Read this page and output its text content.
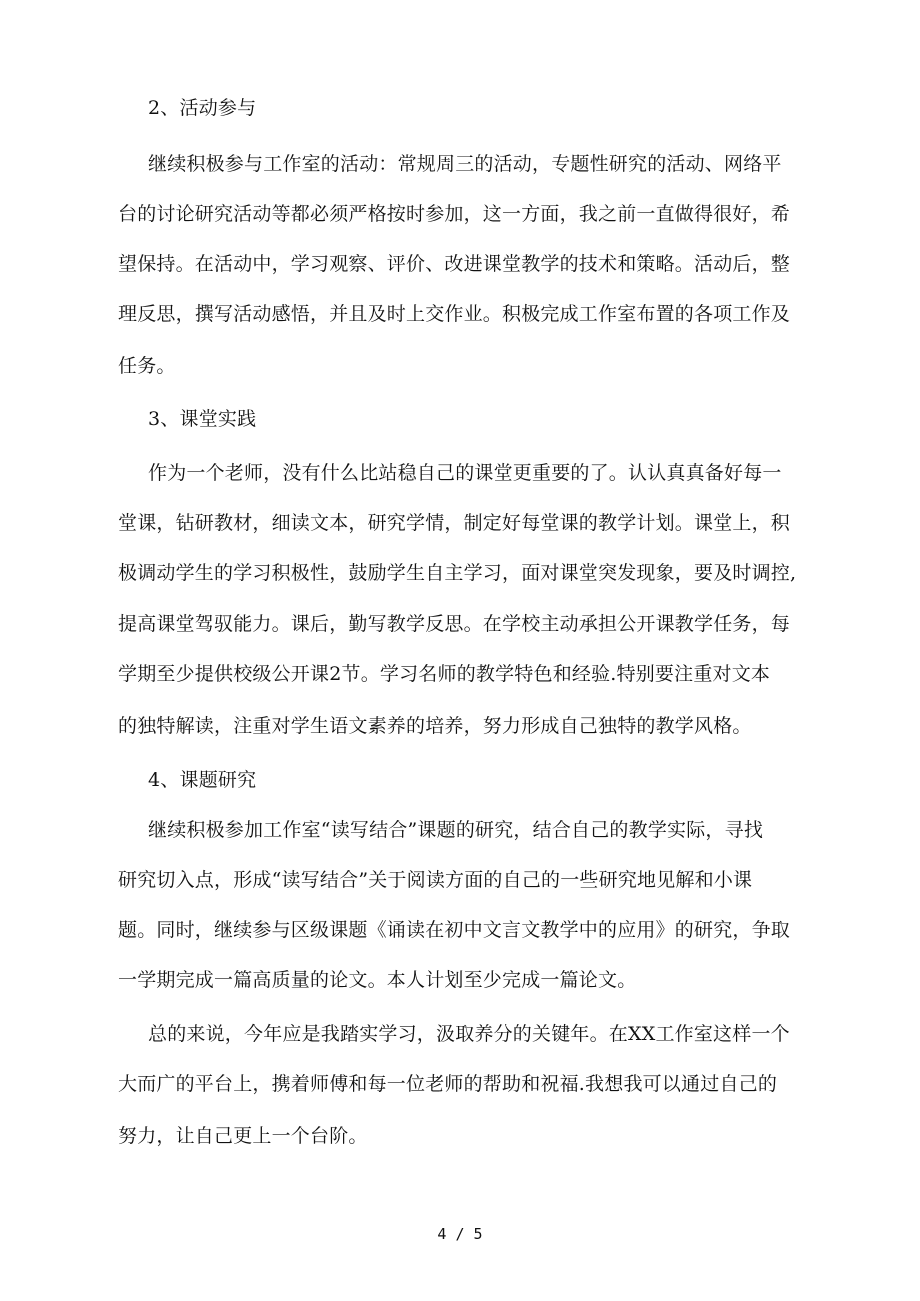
2、活动参与
继续积极参与工作室的活动：常规周三的活动，专题性研究的活动、网络平
台的讨论研究活动等都必须严格按时参加，这一方面，我之前一直做得很好，希
望保持。在活动中，学习观察、评价、改进课堂教学的技术和策略。活动后，整
理反思，撰写活动感悟，并且及时上交作业。积极完成工作室布置的各项工作及
任务。
3、课堂实践
作为一个老师，没有什么比站稳自己的课堂更重要的了。认认真真备好每一
堂课，钻研教材，细读文本，研究学情，制定好每堂课的教学计划。课堂上，积
极调动学生的学习积极性，鼓励学生自主学习，面对课堂突发现象，要及时调控,
提高课堂驾驭能力。课后，勤写教学反思。在学校主动承担公开课教学任务，每
学期至少提供校级公开课2节。学习名师的教学特色和经验.特别要注重对文本
的独特解读，注重对学生语文素养的培养，努力形成自己独特的教学风格。
4、课题研究
继续积极参加工作室“读写结合”课题的研究，结合自己的教学实际，寻找
研究切入点，形成“读写结合”关于阅读方面的自己的一些研究地见解和小课
题。同时，继续参与区级课题《诵读在初中文言文教学中的应用》的研究，争取
一学期完成一篇高质量的论文。本人计划至少完成一篇论文。
总的来说，今年应是我踏实学习，汲取养分的关键年。在XX工作室这样一个
大而广的平台上，携着师傅和每一位老师的帮助和祝福.我想我可以通过自己的
努力，让自己更上一个台阶。
4 / 5
